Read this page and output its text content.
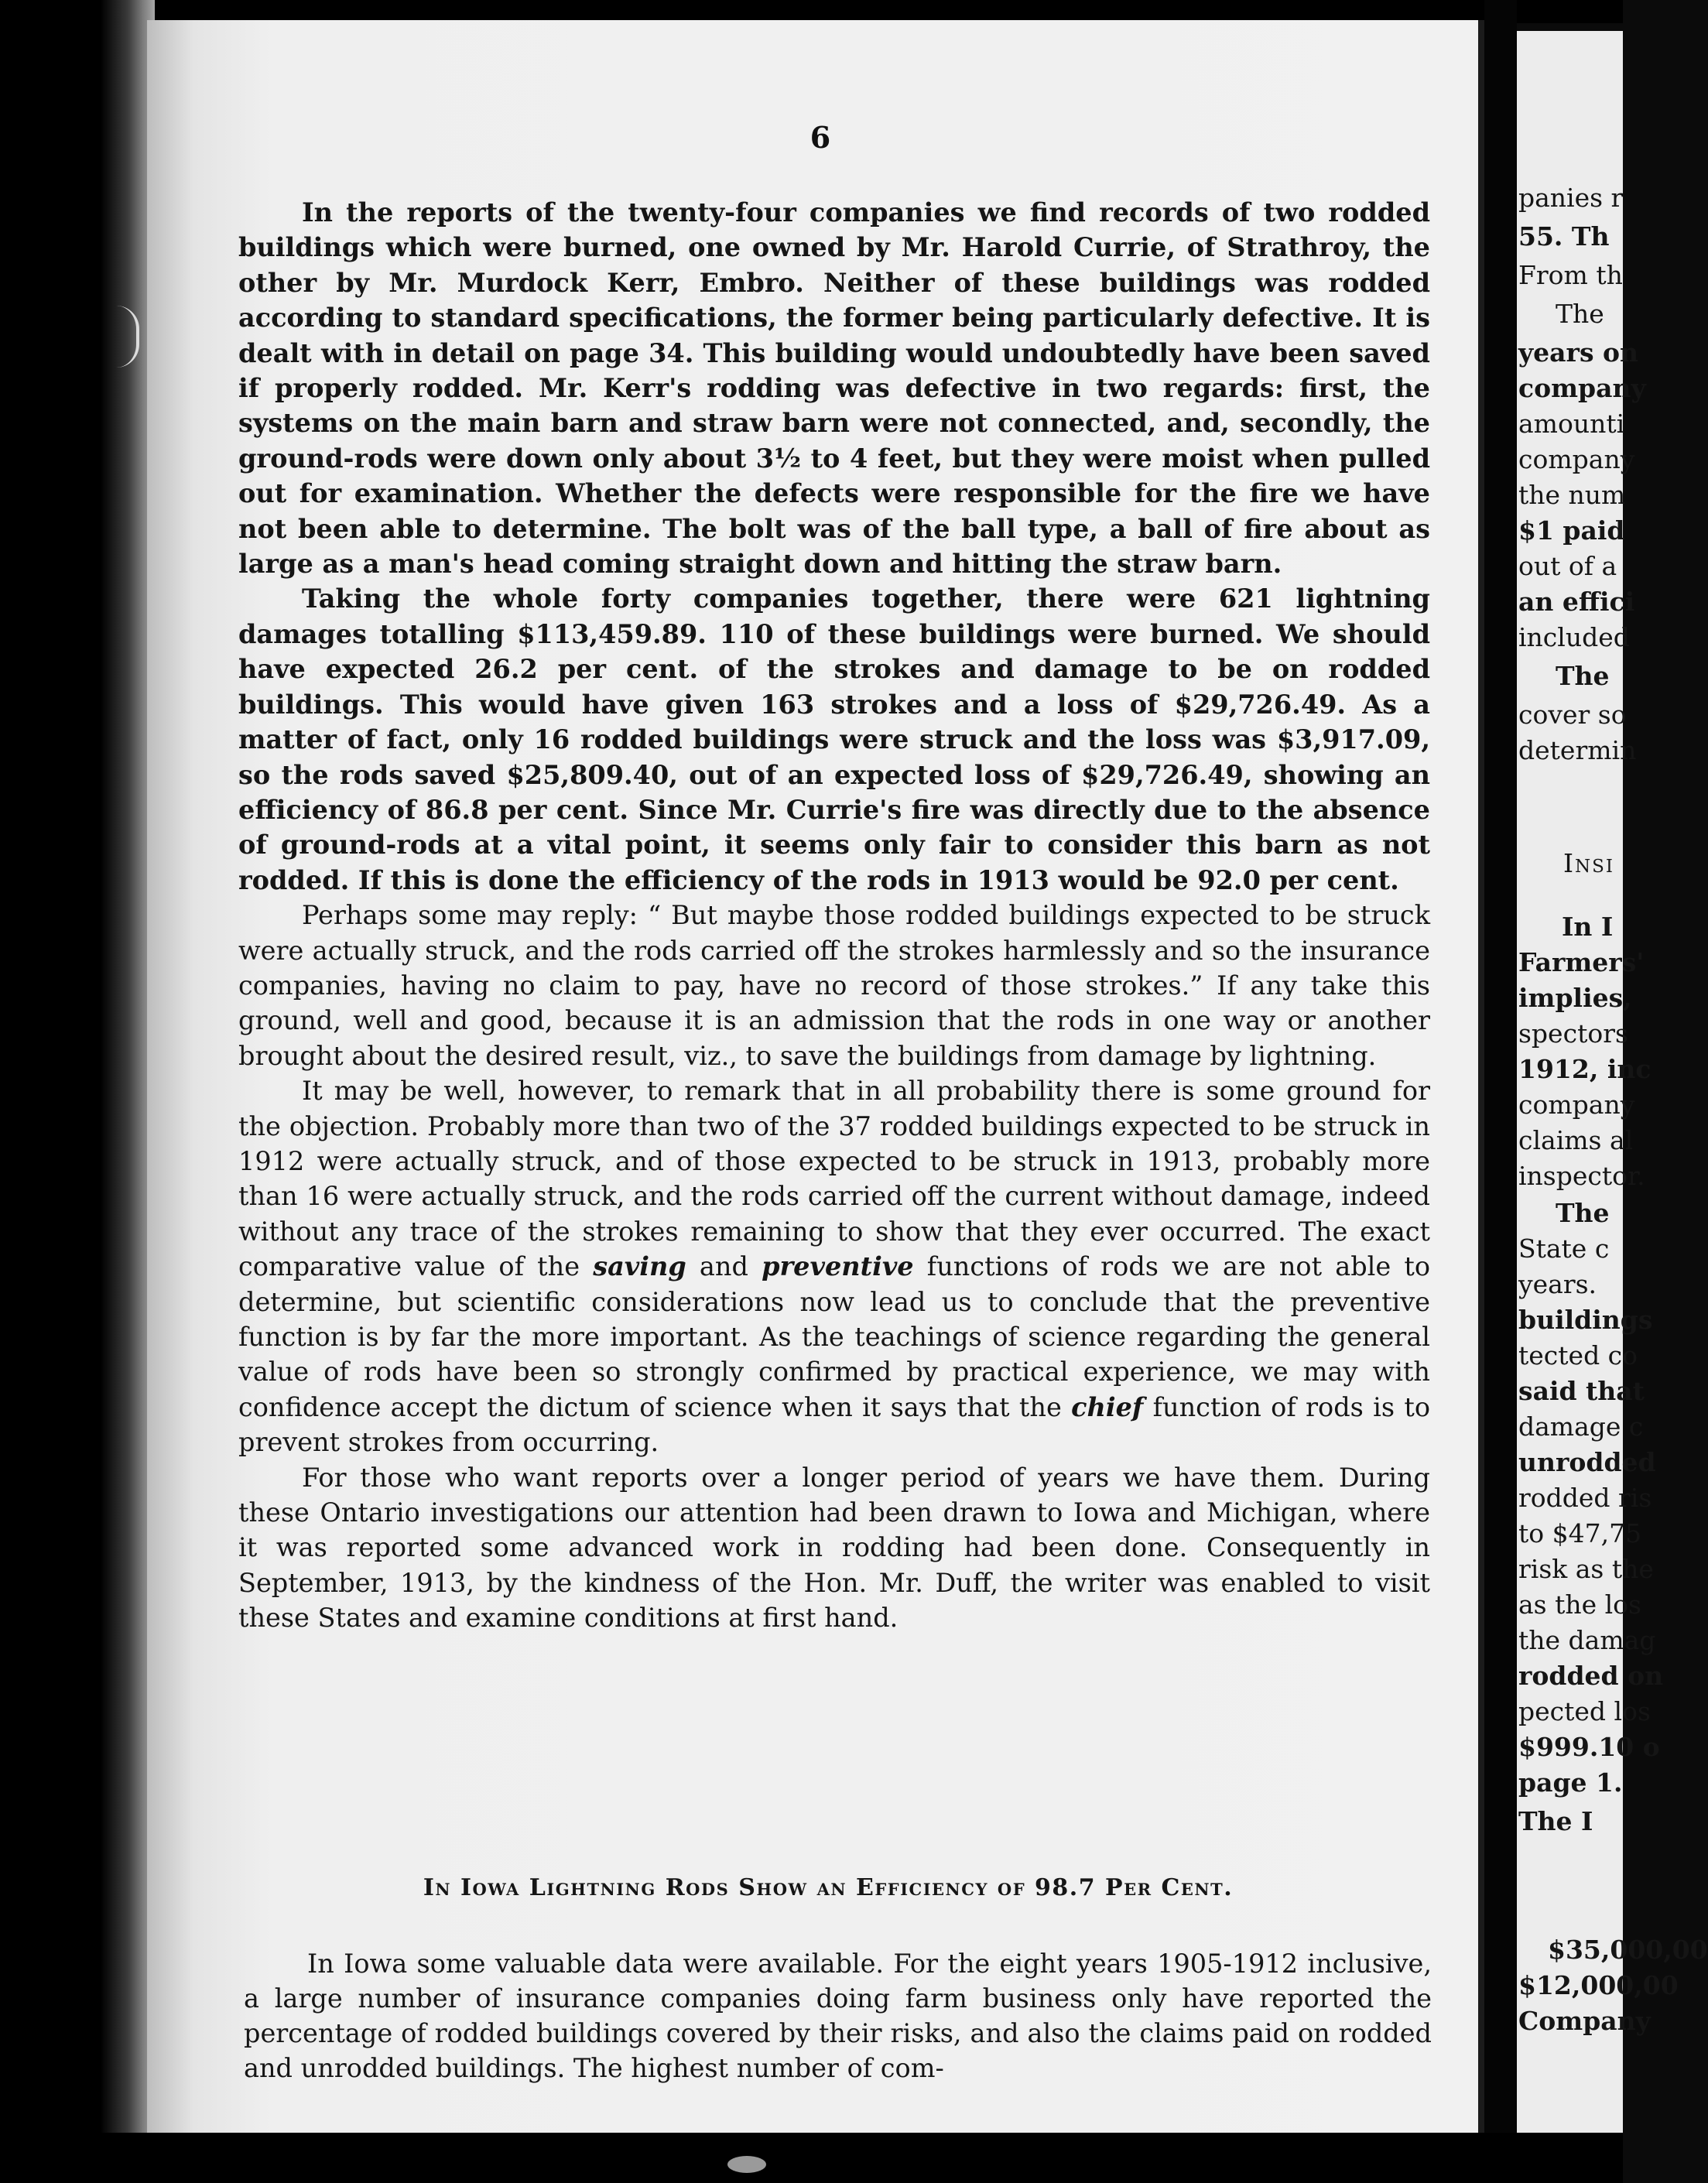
6

In the reports of the twenty-four companies we find records of two rodded buildings which were burned, one owned by Mr. Harold Currie, of Strathroy, the other by Mr. Murdock Kerr, Embro. Neither of these buildings was rodded according to standard specifications, the former being particularly defective. It is dealt with in detail on page 34. This building would undoubtedly have been saved if properly rodded. Mr. Kerr's rodding was defective in two regards: first, the systems on the main barn and straw barn were not connected, and, secondly, the ground-rods were down only about 3½ to 4 feet, but they were moist when pulled out for examination. Whether the defects were responsible for the fire we have not been able to determine. The bolt was of the ball type, a ball of fire about as large as a man's head coming straight down and hitting the straw barn.

Taking the whole forty companies together, there were 621 lightning damages totalling $113,459.89. 110 of these buildings were burned. We should have expected 26.2 per cent. of the strokes and damage to be on rodded buildings. This would have given 163 strokes and a loss of $29,726.49. As a matter of fact, only 16 rodded buildings were struck and the loss was $3,917.09, so the rods saved $25,809.40, out of an expected loss of $29,726.49, showing an efficiency of 86.8 per cent. Since Mr. Currie's fire was directly due to the absence of ground-rods at a vital point, it seems only fair to consider this barn as not rodded. If this is done the efficiency of the rods in 1913 would be 92.0 per cent.

Perhaps some may reply: “ But maybe those rodded buildings expected to be struck were actually struck, and the rods carried off the strokes harmlessly and so the insurance companies, having no claim to pay, have no record of those strokes.” If any take this ground, well and good, because it is an admission that the rods in one way or another brought about the desired result, viz., to save the buildings from damage by lightning.

It may be well, however, to remark that in all probability there is some ground for the objection. Probably more than two of the 37 rodded buildings expected to be struck in 1912 were actually struck, and of those expected to be struck in 1913, probably more than 16 were actually struck, and the rods carried off the current without damage, indeed without any trace of the strokes remaining to show that they ever occurred. The exact comparative value of the saving and preventive functions of rods we are not able to determine, but scientific considerations now lead us to conclude that the preventive function is by far the more important. As the teachings of science regarding the general value of rods have been so strongly confirmed by practical experience, we may with confidence accept the dictum of science when it says that the chief function of rods is to prevent strokes from occurring.

For those who want reports over a longer period of years we have them. During these Ontario investigations our attention had been drawn to Iowa and Michigan, where it was reported some advanced work in rodding had been done. Consequently in September, 1913, by the kindness of the Hon. Mr. Duff, the writer was enabled to visit these States and examine conditions at first hand.

In Iowa Lightning Rods Show an Efficiency of 98.7 Per Cent.

In Iowa some valuable data were available. For the eight years 1905-1912 inclusive, a large number of insurance companies doing farm business only have reported the percentage of rodded buildings covered by their risks, and also the claims paid on rodded and unrodded buildings. The highest number of com-

panies r
55. Th
From th
The
years on
company
amounti
company
the num
$1 paid
out of a
an effici
included
The
cover so
determin
Insi
In I
Farmers'
implies,
spectors
1912, inc
company
claims al
inspector.
The
State c
years.
buildings
tected co
said that
damage c
unrodded
rodded ris
to $47,75
risk as the
as the los
the damag
rodded on
pected los
$999.10 o
page 1.
The I
$35,000,00
$12,000,00
Company
